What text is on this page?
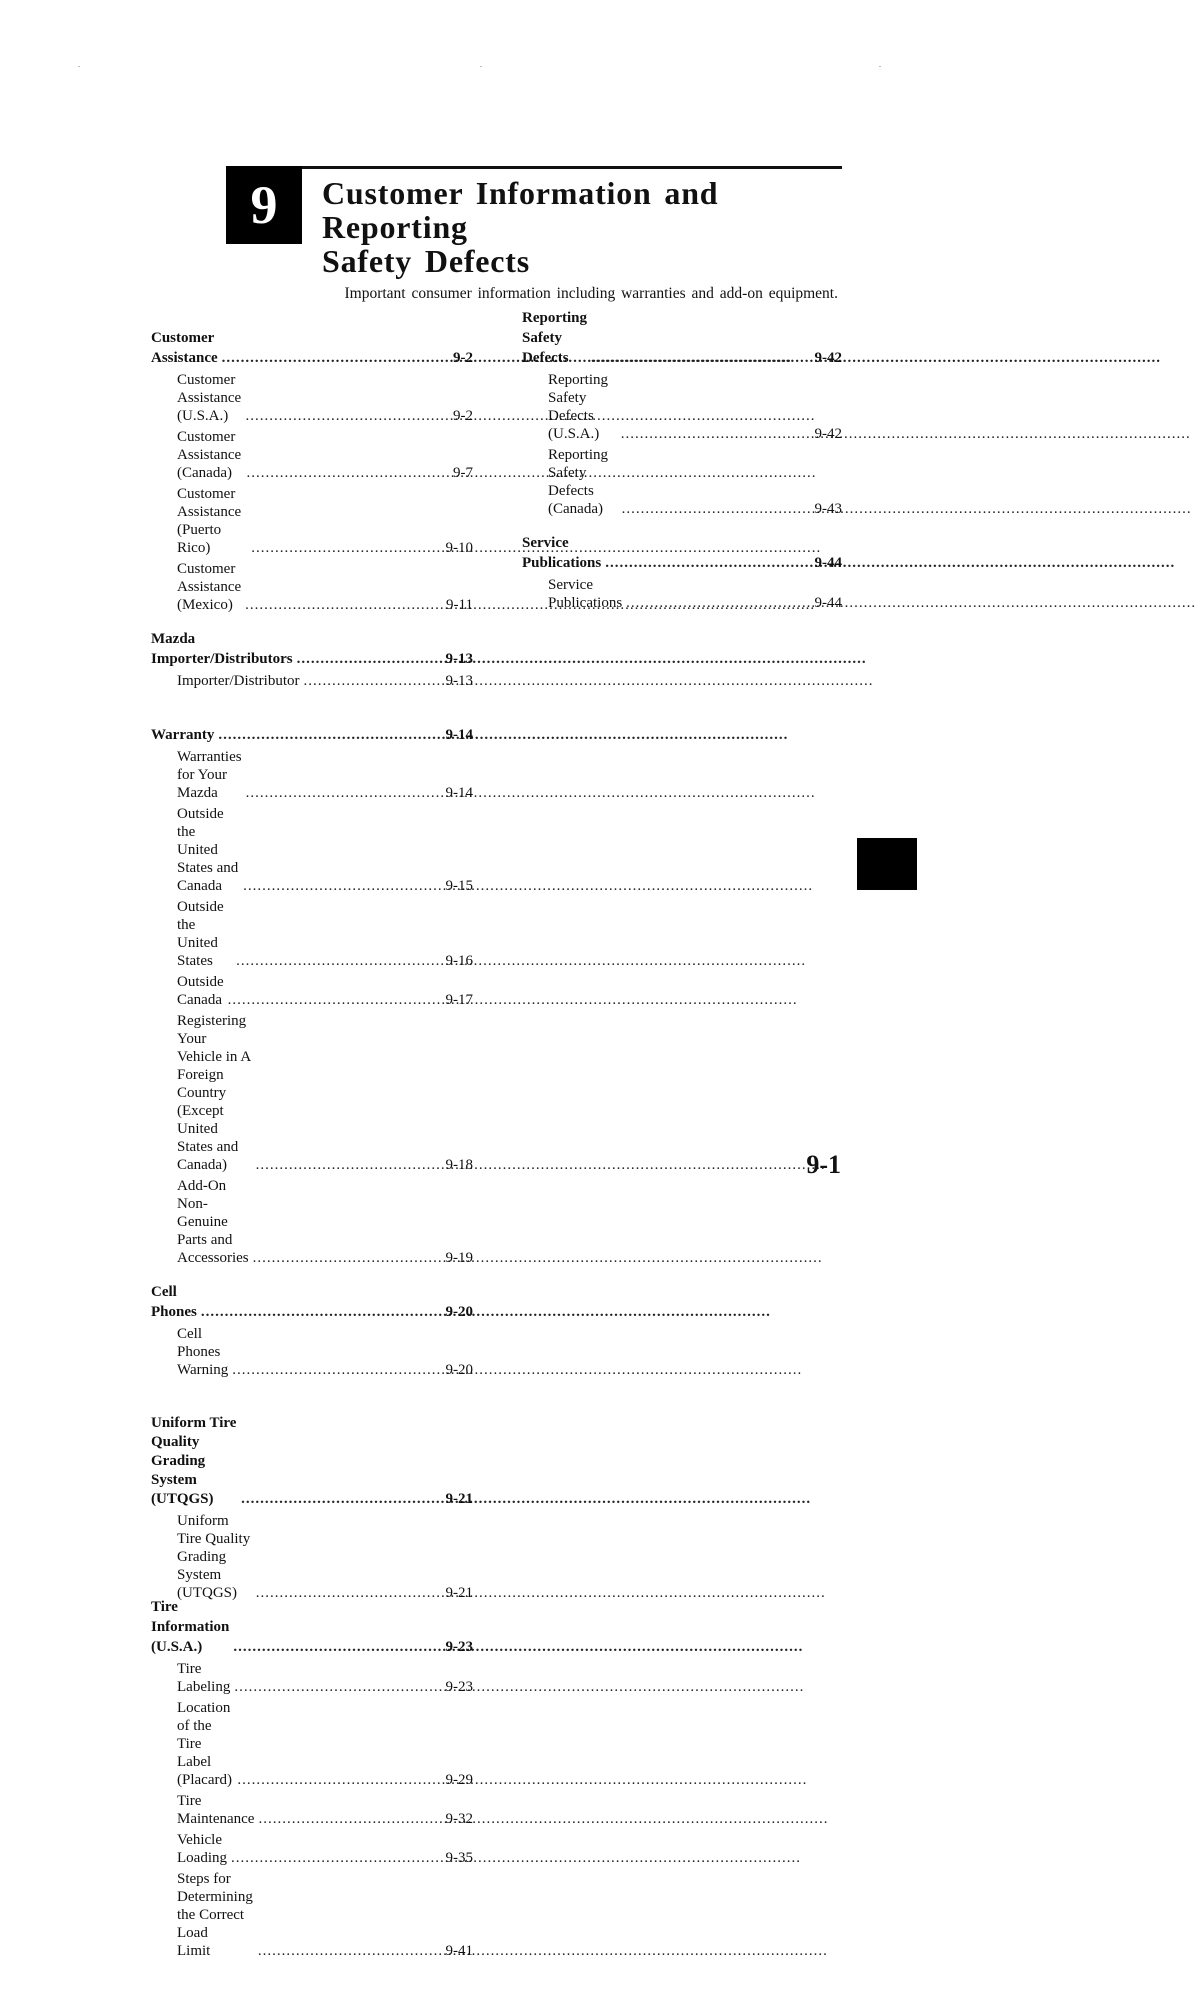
9	Customer Information and Reporting
Safety Defects
Important consumer information including warranties and add-on equipment.
Customer Assistance .....	9-2
Customer Assistance (U.S.A.) .....	9-2
Customer Assistance (Canada) .....	9-7
Customer Assistance (Puerto Rico) .....	9-10
Customer Assistance (Mexico) .....	9-11
Mazda Importer/Distributors .....	9-13
Importer/Distributor .....	9-13
Warranty .....	9-14
Warranties for Your Mazda .....	9-14
Outside the United States and
Canada .....	9-15
Outside the United States .....	9-16
Outside Canada .....	9-17
Registering Your Vehicle in A Foreign
Country (Except United States and
Canada) .....	9-18
Add-On Non-Genuine Parts and
Accessories .....	9-19
Cell Phones .....	9-20
Cell Phones Warning .....	9-20
Uniform Tire Quality Grading System
(UTQGS) .....	9-21
Uniform Tire Quality Grading System
(UTQGS) .....	9-21
Tire Information (U.S.A.) .....	9-23
Tire Labeling .....	9-23
Location of the Tire Label
(Placard) .....	9-29
Tire Maintenance .....	9-32
Vehicle Loading .....	9-35
Steps for Determining the Correct Load
Limit .....	9-41
Reporting Safety Defects .....	9-42
Reporting Safety Defects (U.S.A.) .....	9-42
Reporting Safety Defects (Canada) .....	9-43
Service Publications .....	9-44
Service Publications .....	9-44
9-1
